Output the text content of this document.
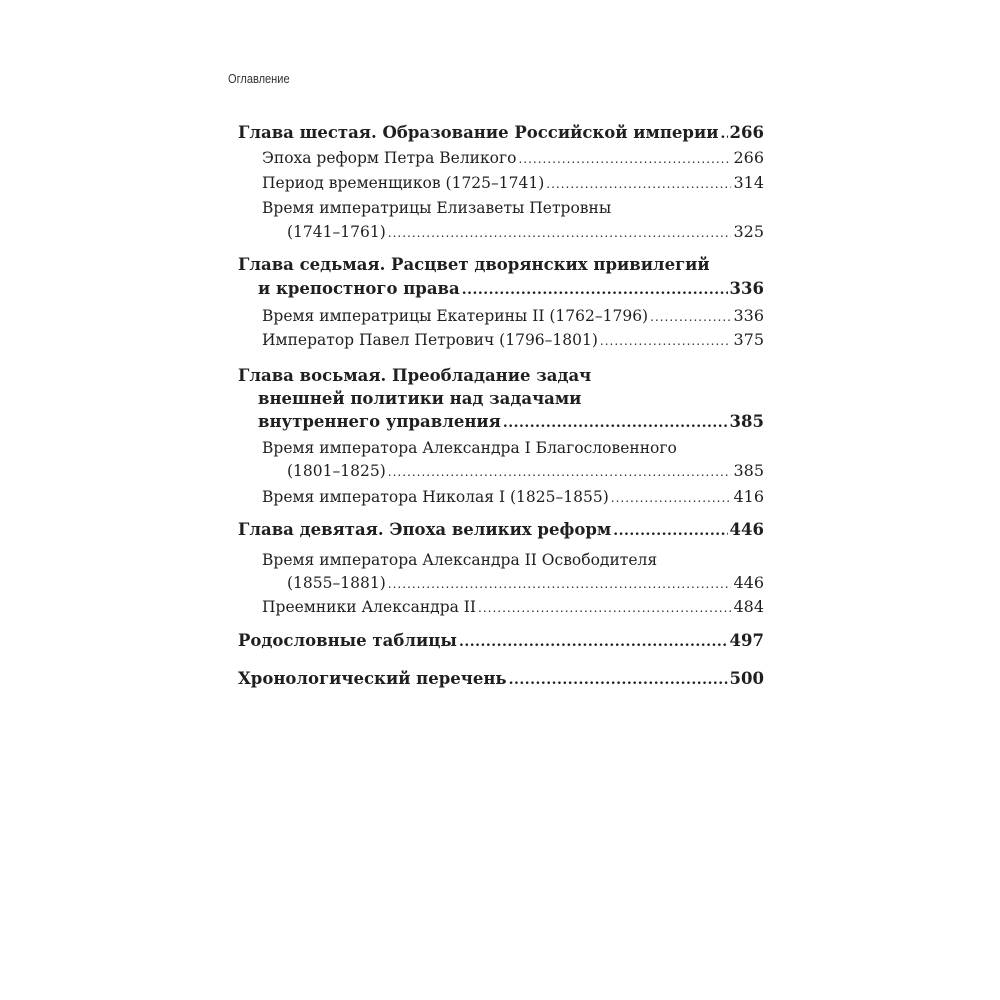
Оглавление
Глава шестая. Образование Российской империи ..... 266
Эпоха реформ Петра Великого .....	266
Период временщиков (1725–1741) .....	314
Время императрицы Елизаветы Петровны
(1741–1761) .....	325
Глава седьмая. Расцвет дворянских привилегий
и крепостного права .....	336
Время императрицы Екатерины II (1762–1796) .....	336
Император Павел Петрович (1796–1801) .....	375
Глава восьмая. Преобладание задач
внешней политики над задачами
внутреннего управления .....	385
Время императора Александра I Благословенного
(1801–1825) .....	385
Время императора Николая I (1825–1855) .....	416
Глава девятая. Эпоха великих реформ .....	446
Время императора Александра II Освободителя
(1855–1881) .....	446
Преемники Александра II .....	484
Родословные таблицы .....	497
Хронологический перечень .....	500
